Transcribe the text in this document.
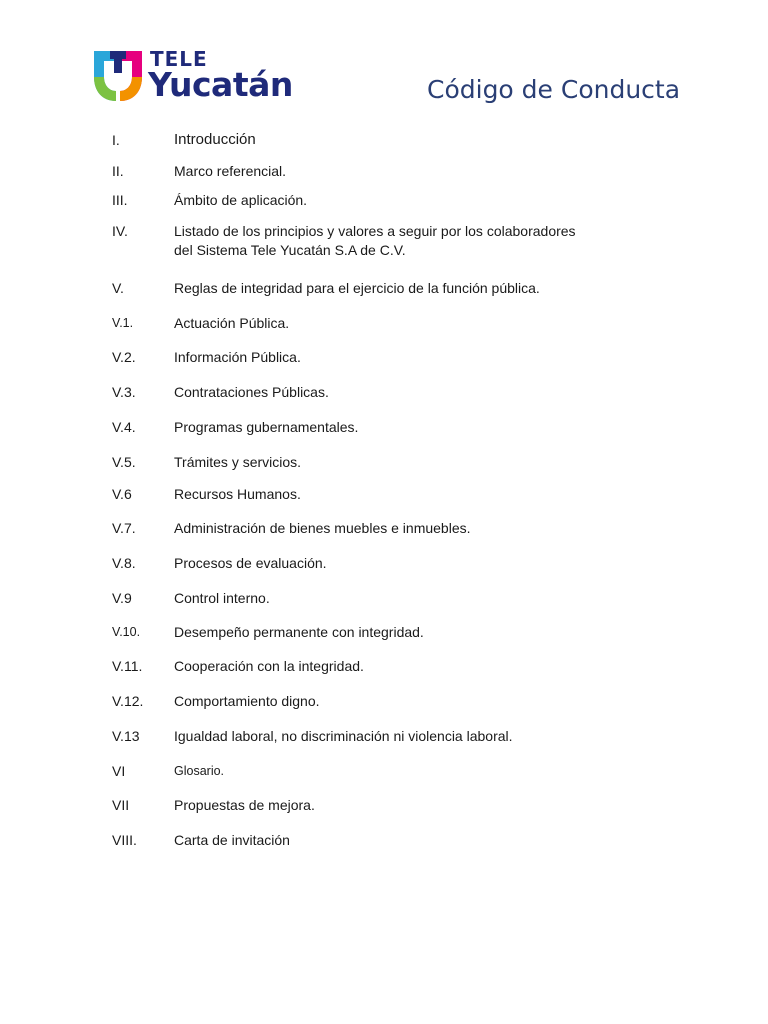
TELE
Yucatán	Código de Conducta
I.	Introducción
II.	Marco referencial.
III.	Ámbito de aplicación.
IV.	Listado de los principios y valores a seguir por los colaboradores
del Sistema Tele Yucatán S.A de C.V.
V.	Reglas de integridad para el ejercicio de la función pública.
V.1.	Actuación Pública.
V.2.	Información Pública.
V.3.	Contrataciones Públicas.
V.4.	Programas gubernamentales.
V.5.	Trámites y servicios.
V.6	Recursos Humanos.
V.7.	Administración de bienes muebles e inmuebles.
V.8.	Procesos de evaluación.
V.9	Control interno.
V.10. Desempeño permanente con integridad.
V.11. Cooperación con la integridad.
V.12. Comportamiento digno.
V.13 Igualdad laboral, no discriminación ni violencia laboral.
VI	Glosario.
VII	Propuestas de mejora.
VIII.	Carta de invitación
